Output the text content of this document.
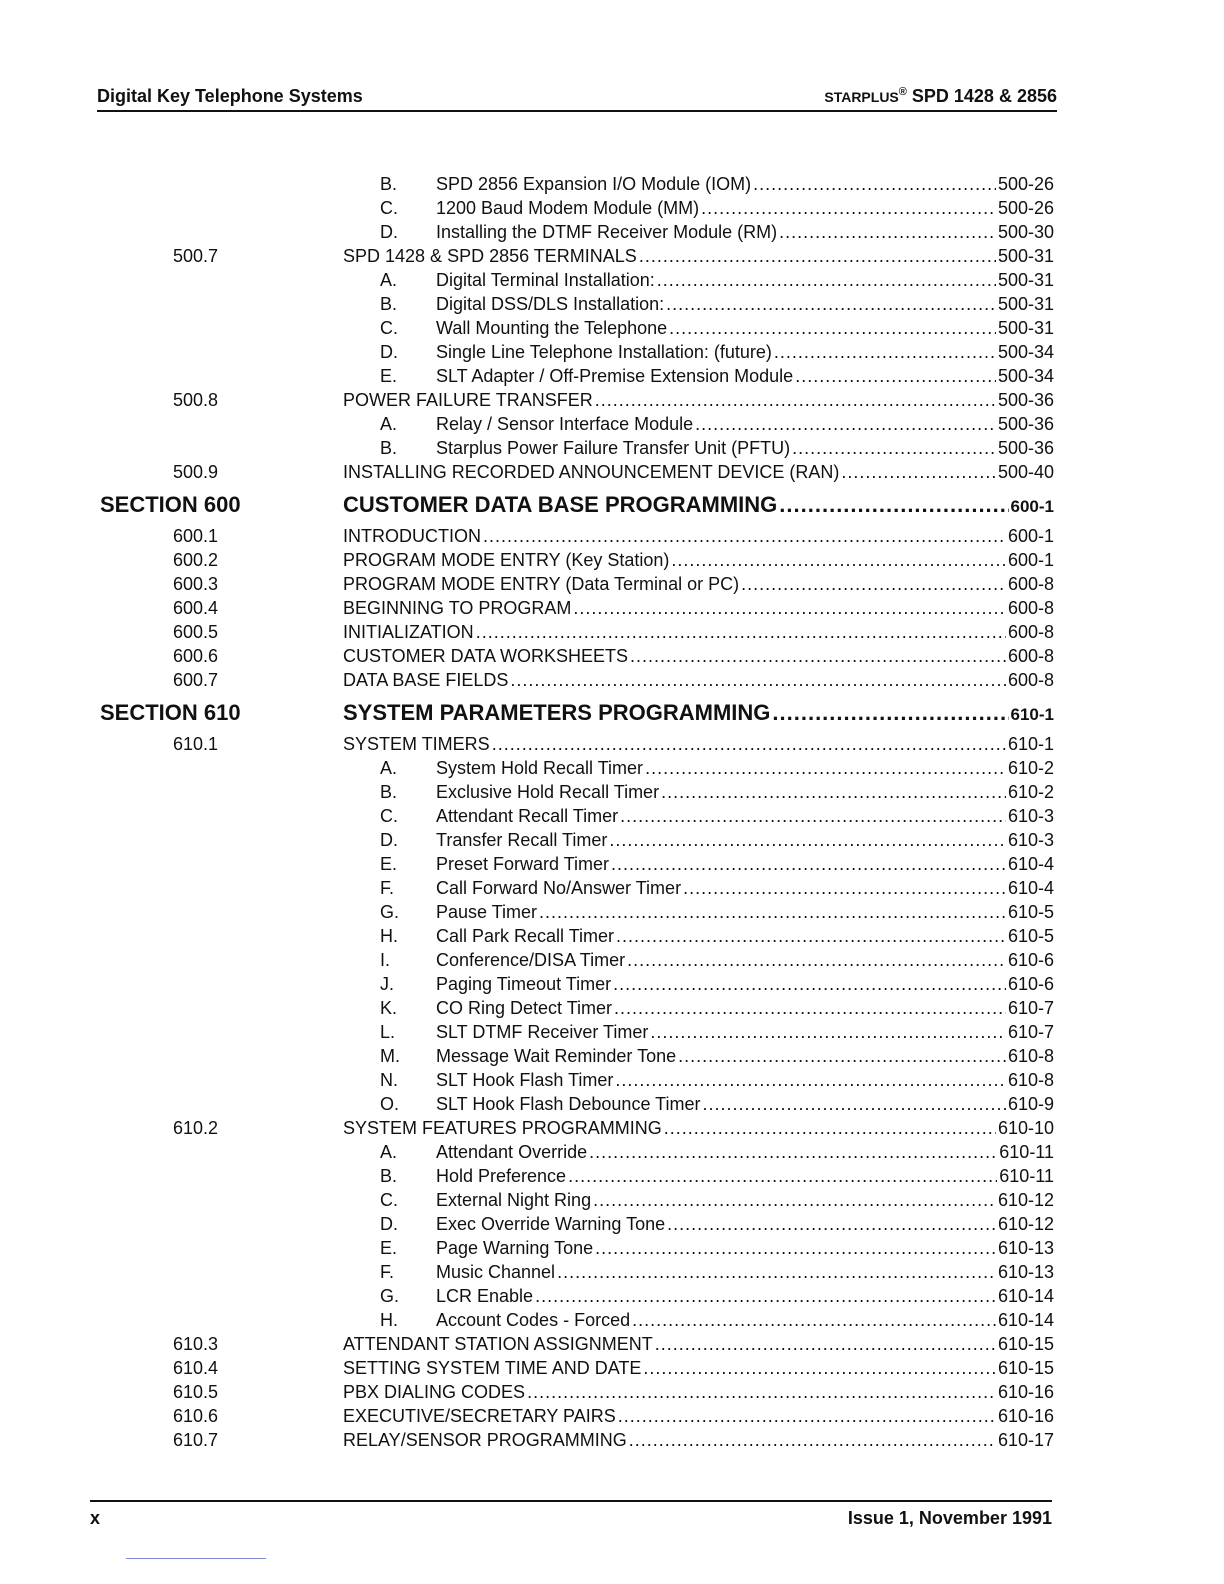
Digital Key Telephone Systems	STARPLUS® SPD 1428 & 2856
B. SPD 2856 Expansion I/O Module (IOM) .....	500-26
C. 1200 Baud Modem Module (MM) .....	500-26
D. Installing the DTMF Receiver Module (RM) .....	500-30
500.7	SPD 1428 & SPD 2856 TERMINALS .....	500-31
A. Digital Terminal Installation: .....	500-31
B. Digital DSS/DLS Installation: .....	500-31
C. Wall Mounting the Telephone .....	500-31
D. Single Line Telephone Installation: (future) .....	500-34
E. SLT Adapter / Off-Premise Extension Module .....	500-34
500.8	POWER FAILURE TRANSFER .....	500-36
A. Relay / Sensor Interface Module .....	500-36
B. Starplus Power Failure Transfer Unit (PFTU) .....	500-36
500.9	INSTALLING RECORDED ANNOUNCEMENT DEVICE (RAN) .....	500-40
SECTION 600	CUSTOMER DATA BASE PROGRAMMING .....	600-1
600.1	INTRODUCTION .....	600-1
600.2	PROGRAM MODE ENTRY (Key Station) .....	600-1
600.3	PROGRAM MODE ENTRY (Data Terminal or PC) .....	600-8
600.4	BEGINNING TO PROGRAM .....	600-8
600.5	INITIALIZATION .....	600-8
600.6	CUSTOMER DATA WORKSHEETS .....	600-8
600.7	DATA BASE FIELDS .....	600-8
SECTION 610	SYSTEM PARAMETERS PROGRAMMING .....	610-1
610.1	SYSTEM TIMERS .....	610-1
A. System Hold Recall Timer .....	610-2
B. Exclusive Hold Recall Timer .....	610-2
C. Attendant Recall Timer .....	610-3
D. Transfer Recall Timer .....	610-3
E. Preset Forward Timer .....	610-4
F. Call Forward No/Answer Timer .....	610-4
G. Pause Timer .....	610-5
H. Call Park Recall Timer .....	610-5
I.	Conference/DISA Timer .....	610-6
J. Paging Timeout Timer .....	610-6
K. CO Ring Detect Timer .....	610-7
L. SLT DTMF Receiver Timer .....	610-7
M. Message Wait Reminder Tone .....	610-8
N. SLT Hook Flash Timer .....	610-8
O. SLT Hook Flash Debounce Timer .....	610-9
610.2	SYSTEM FEATURES PROGRAMMING .....	610-10
A. Attendant Override .....	610-11
B. Hold Preference .....	610-11
C. External Night Ring .....	610-12
D. Exec Override Warning Tone .....	610-12
E. Page Warning Tone .....	610-13
F. Music Channel .....	610-13
G. LCR Enable .....	610-14
H. Account Codes - Forced .....	610-14
610.3	ATTENDANT STATION ASSIGNMENT .....	610-15
610.4	SETTING SYSTEM TIME AND DATE .....	610-15
610.5	PBX DIALING CODES .....	610-16
610.6	EXECUTIVE/SECRETARY PAIRS .....	610-16
610.7	RELAY/SENSOR PROGRAMMING .....	610-17
x	Issue 1, November 1991
